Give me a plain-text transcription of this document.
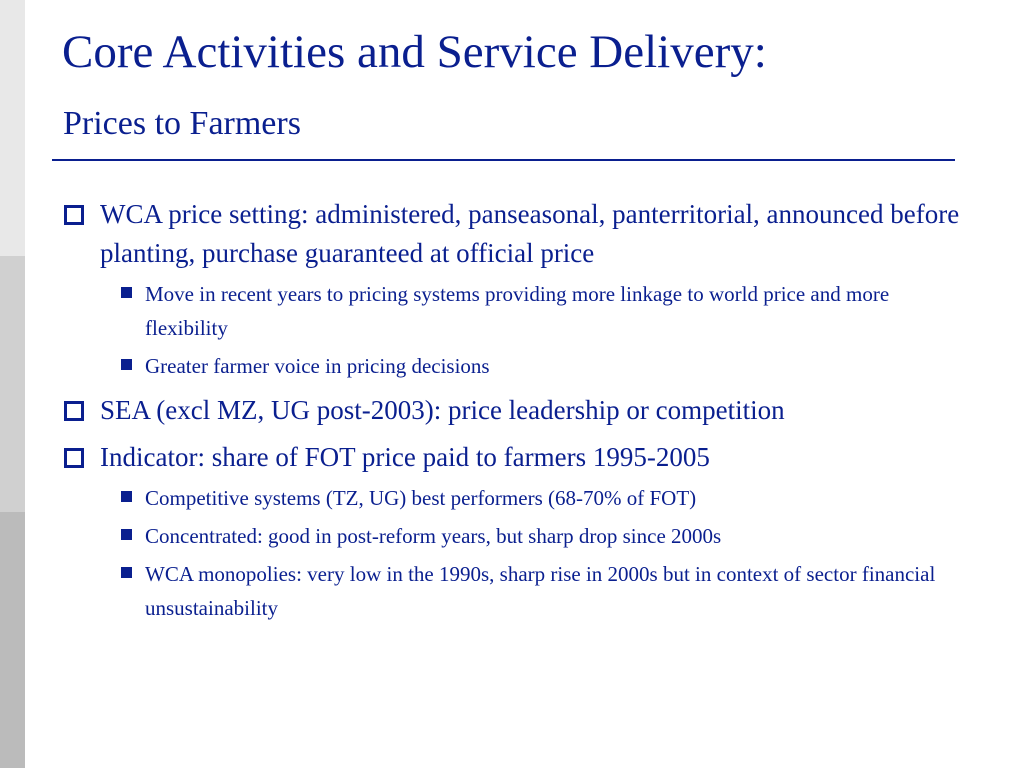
Core Activities and Service Delivery:
Prices to Farmers
WCA price setting: administered, panseasonal, panterritorial, announced before planting, purchase guaranteed at official price
Move in recent years to pricing systems providing more linkage to world price and more flexibility
Greater farmer voice in pricing decisions
SEA (excl MZ, UG post-2003): price leadership or competition
Indicator: share of FOT price paid to farmers 1995-2005
Competitive systems (TZ, UG) best performers (68-70% of FOT)
Concentrated: good in post-reform years, but sharp drop since 2000s
WCA monopolies: very low in the 1990s, sharp rise in 2000s but in context of sector financial unsustainability
